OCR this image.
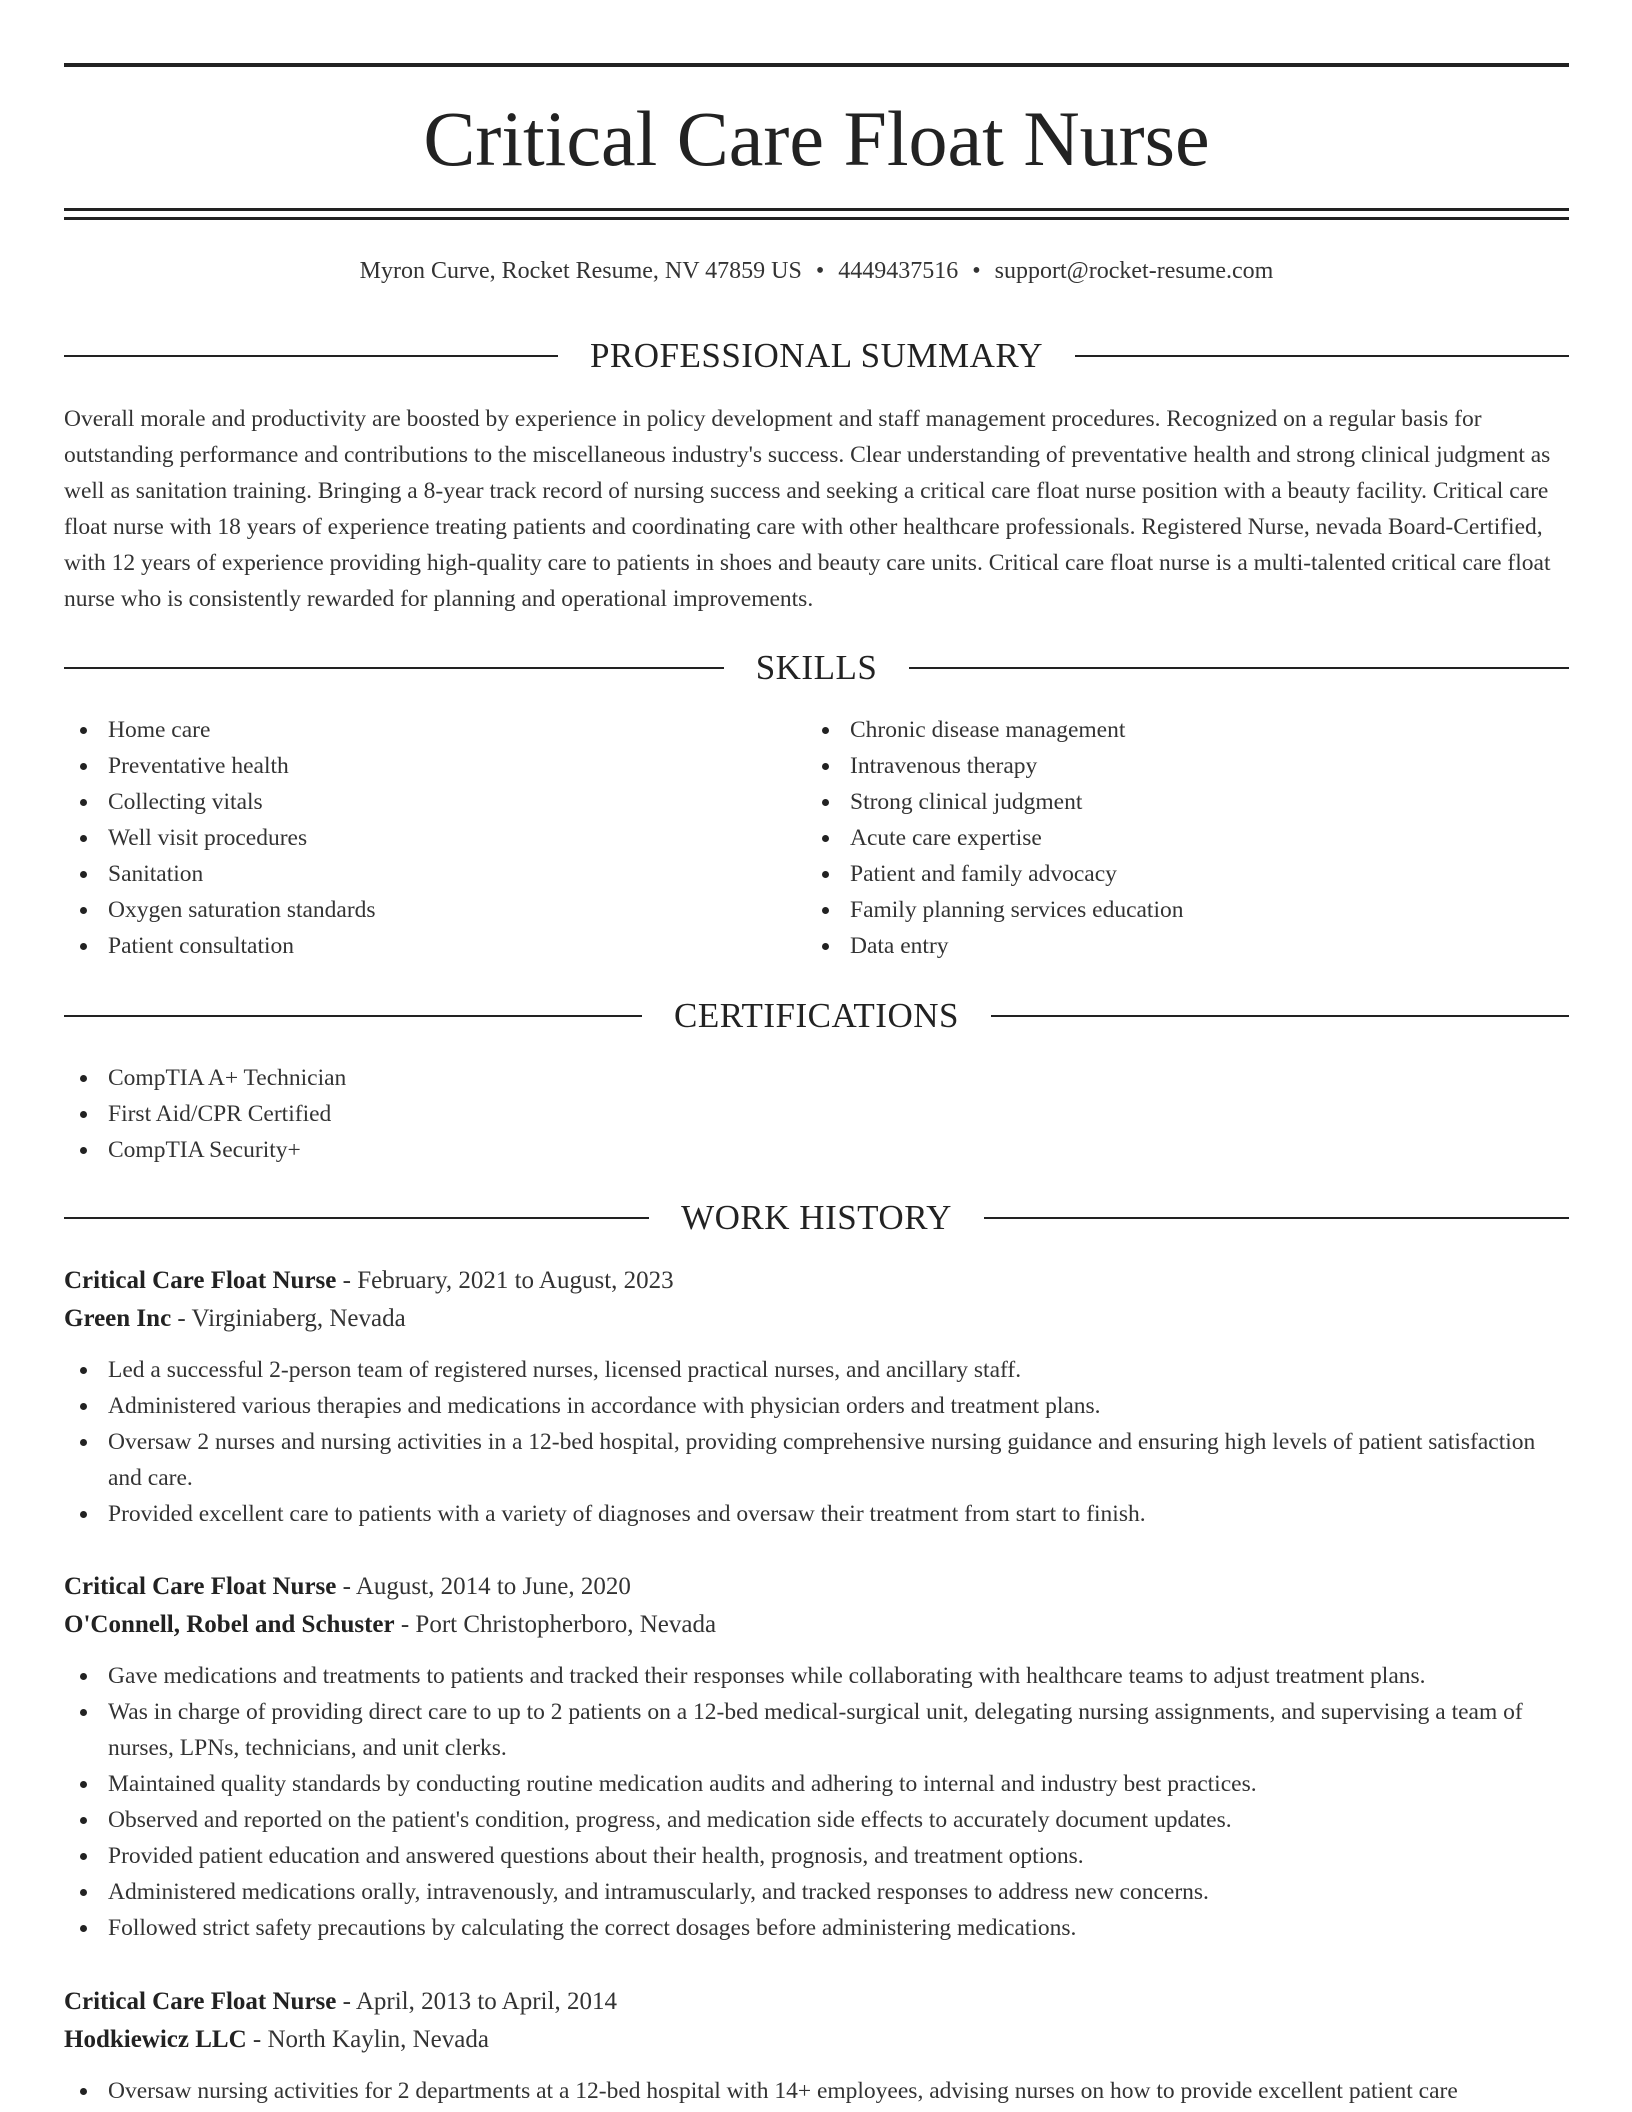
Critical Care Float Nurse
Myron Curve, Rocket Resume, NV 47859 US • 4449437516 • support@rocket-resume.com
PROFESSIONAL SUMMARY

Overall morale and productivity are boosted by experience in policy development and staff management procedures. Recognized on a regular basis for outstanding performance and contributions to the miscellaneous industry's success. Clear understanding of preventative health and strong clinical judgment as well as sanitation training. Bringing a 8-year track record of nursing success and seeking a critical care float nurse position with a beauty facility. Critical care float nurse with 18 years of experience treating patients and coordinating care with other healthcare professionals. Registered Nurse, nevada Board-Certified, with 12 years of experience providing high-quality care to patients in shoes and beauty care units. Critical care float nurse is a multi-talented critical care float nurse who is consistently rewarded for planning and operational improvements.

SKILLS
Home care
Preventative health
Collecting vitals
Well visit procedures
Sanitation
Oxygen saturation standards
Patient consultation
Chronic disease management
Intravenous therapy
Strong clinical judgment
Acute care expertise
Patient and family advocacy
Family planning services education
Data entry
CERTIFICATIONS
CompTIA A+ Technician
First Aid/CPR Certified
CompTIA Security+
WORK HISTORY
Critical Care Float Nurse - February, 2021 to August, 2023
Green Inc - Virginiaberg, Nevada
Led a successful 2-person team of registered nurses, licensed practical nurses, and ancillary staff.
Administered various therapies and medications in accordance with physician orders and treatment plans.
Oversaw 2 nurses and nursing activities in a 12-bed hospital, providing comprehensive nursing guidance and ensuring high levels of patient satisfaction and care.
Provided excellent care to patients with a variety of diagnoses and oversaw their treatment from start to finish.
Critical Care Float Nurse - August, 2014 to June, 2020
O'Connell, Robel and Schuster - Port Christopherboro, Nevada
Gave medications and treatments to patients and tracked their responses while collaborating with healthcare teams to adjust treatment plans.
Was in charge of providing direct care to up to 2 patients on a 12-bed medical-surgical unit, delegating nursing assignments, and supervising a team of nurses, LPNs, technicians, and unit clerks.
Maintained quality standards by conducting routine medication audits and adhering to internal and industry best practices.
Observed and reported on the patient's condition, progress, and medication side effects to accurately document updates.
Provided patient education and answered questions about their health, prognosis, and treatment options.
Administered medications orally, intravenously, and intramuscularly, and tracked responses to address new concerns.
Followed strict safety precautions by calculating the correct dosages before administering medications.
Critical Care Float Nurse - April, 2013 to April, 2014
Hodkiewicz LLC - North Kaylin, Nevada
Oversaw nursing activities for 2 departments at a 12-bed hospital with 14+ employees, advising nurses on how to provide excellent patient care
